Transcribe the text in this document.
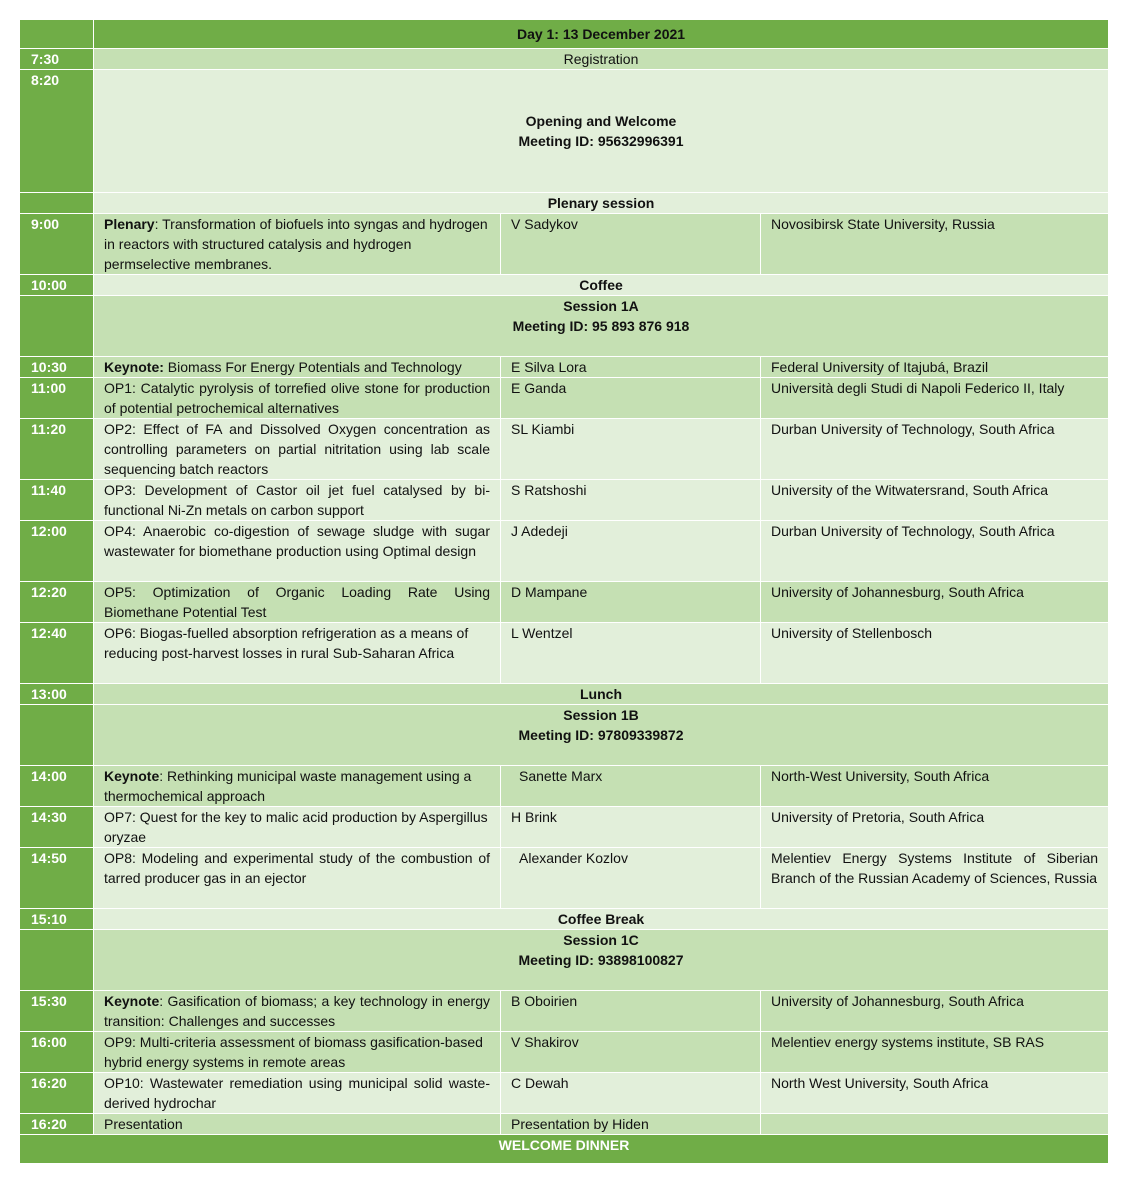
	Day 1: 13 December 2021		
7:30	Registration		
8:20	Opening and Welcome
Meeting ID: 95632996391		

	Plenary session		
9:00	Plenary: Transformation of biofuels into syngas and hydrogen in reactors with structured catalysis and hydrogen permselective membranes.	V Sadykov	Novosibirsk State University, Russia
10:00	Coffee		

	Session 1A
Meeting ID: 95 893 876 918		

10:30	Keynote: Biomass For Energy Potentials and Technology	E Silva Lora	Federal University of Itajubá, Brazil
11:00	OP1: Catalytic pyrolysis of torrefied olive stone for production of potential petrochemical alternatives	E Ganda	Università degli Studi di Napoli Federico II, Italy
11:20	OP2: Effect of FA and Dissolved Oxygen concentration as controlling parameters on partial nitritation using lab scale sequencing batch reactors	SL Kiambi	Durban University of Technology, South Africa
11:40	OP3: Development of Castor oil jet fuel catalysed by bi-functional Ni-Zn metals on carbon support	S Ratshoshi	University of the Witwatersrand, South Africa
12:00	OP4: Anaerobic co-digestion of sewage sludge with sugar wastewater for biomethane production using Optimal design	J Adedeji	Durban University of Technology, South Africa
12:20	OP5: Optimization of Organic Loading Rate Using Biomethane Potential Test	D Mampane	University of Johannesburg, South Africa
12:40	OP6: Biogas-fuelled absorption refrigeration as a means of reducing post-harvest losses in rural Sub-Saharan Africa	L Wentzel	University of Stellenbosch
13:00	Lunch		

	Session 1B
Meeting ID: 97809339872		

14:00	Keynote: Rethinking municipal waste management using a thermochemical approach	Sanette Marx	North-West University, South Africa
14:30	OP7: Quest for the key to malic acid production by Aspergillus oryzae	H Brink	University of Pretoria, South Africa
14:50	OP8: Modeling and experimental study of the combustion of tarred producer gas in an ejector	Alexander Kozlov	Melentiev Energy Systems Institute of Siberian Branch of the Russian Academy of Sciences, Russia
15:10	Coffee Break		

	Session 1C
Meeting ID: 93898100827		

15:30	Keynote: Gasification of biomass; a key technology in energy transition: Challenges and successes	B Oboirien	University of Johannesburg, South Africa
16:00	OP9: Multi-criteria assessment of biomass gasification-based hybrid energy systems in remote areas	V Shakirov	Melentiev energy systems institute, SB RAS
16:20	OP10: Wastewater remediation using municipal solid waste-derived hydrochar	C Dewah	North West University, South Africa
16:20	Presentation	Presentation by Hiden	
WELCOME DINNER			
